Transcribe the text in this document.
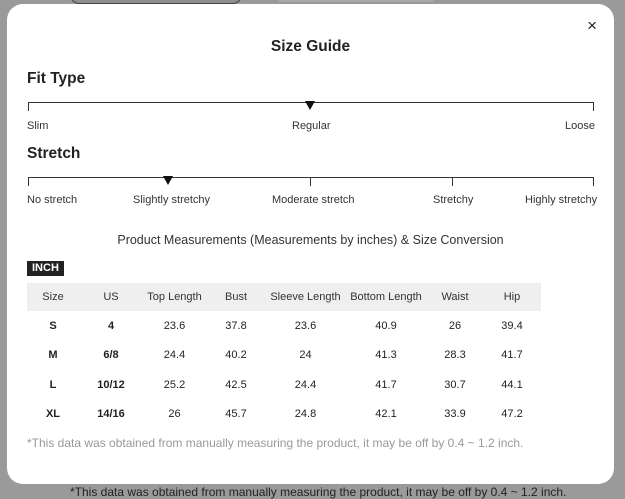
*This data was obtained from manually measuring the product, it may be off by 0.4 ~ 1.2 inch.
×
Size Guide
Fit Type
Slim	Regular	Loose
Stretch
No stretch	Slightly stretchy	Moderate stretch	Stretchy	Highly stretchy
Product Measurements (Measurements by inches) & Size Conversion
INCH
Size	US	Top Length	Bust	Sleeve Length	Bottom Length	Waist	Hip
S	4	23.6	37.8	23.6	40.9	26	39.4
M	6/8	24.4	40.2	24	41.3	28.3	41.7
L	10/12	25.2	42.5	24.4	41.7	30.7	44.1
XL	14/16	26	45.7	24.8	42.1	33.9	47.2
*This data was obtained from manually measuring the product, it may be off by 0.4 ~ 1.2 inch.
